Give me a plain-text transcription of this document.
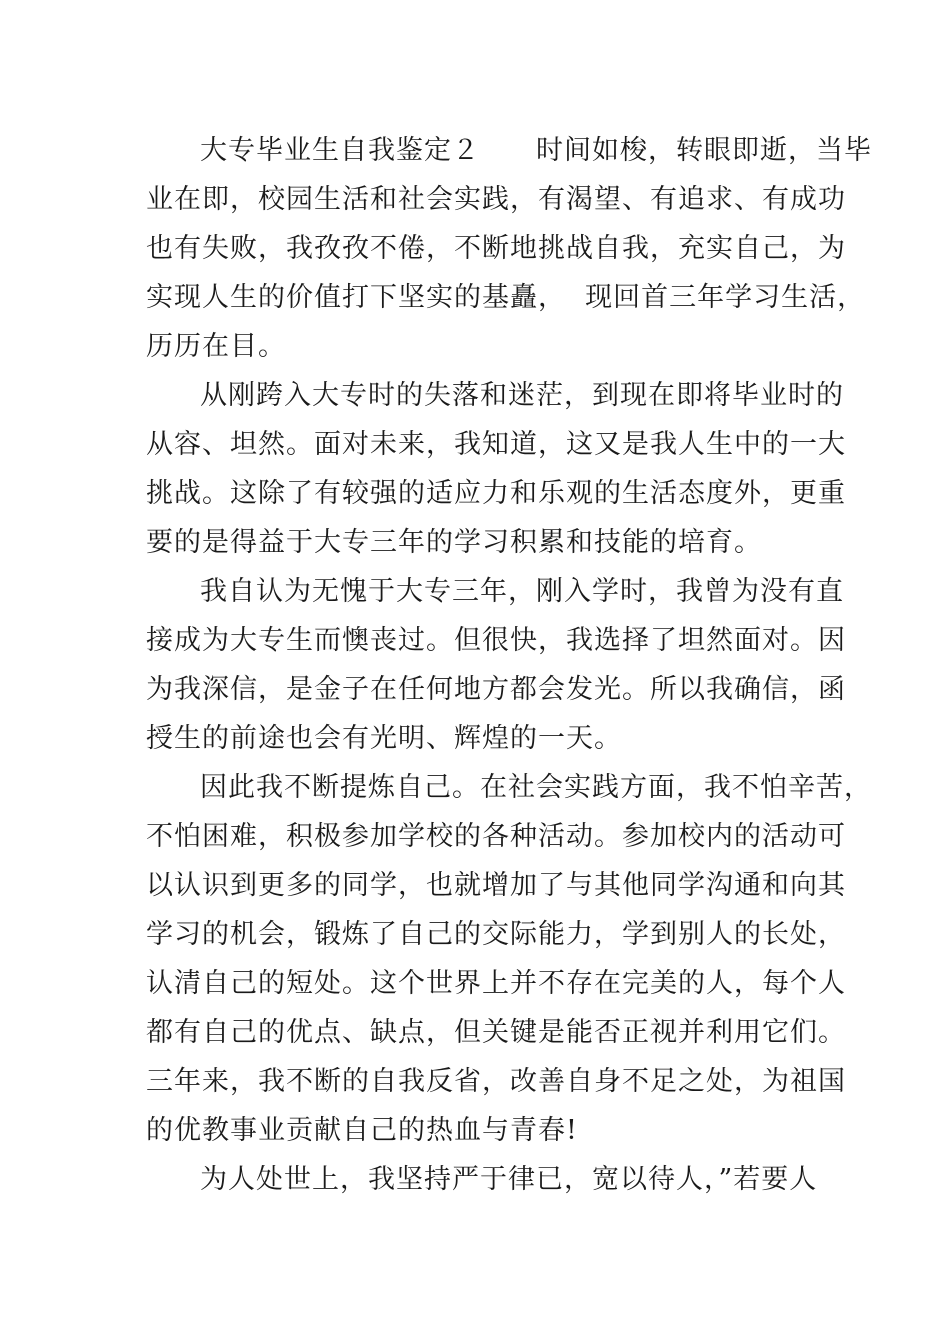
大专毕业生自我鉴定２　　时间如梭，转眼即逝，当毕
业在即，校园生活和社会实践，有渴望、有追求、有成功
也有失败，我孜孜不倦，不断地挑战自我，充实自己，为
实现人生的价值打下坚实的基矗，  现回首三年学习生活，
历历在目。
从刚跨入大专时的失落和迷茫，到现在即将毕业时的
从容、坦然。面对未来，我知道，这又是我人生中的一大
挑战。这除了有较强的适应力和乐观的生活态度外，更重
要的是得益于大专三年的学习积累和技能的培育。
我自认为无愧于大专三年，刚入学时，我曾为没有直
接成为大专生而懊丧过。但很快，我选择了坦然面对。因
为我深信，是金子在任何地方都会发光。所以我确信，函
授生的前途也会有光明、辉煌的一天。
因此我不断提炼自己。在社会实践方面，我不怕辛苦，
不怕困难，积极参加学校的各种活动。参加校内的活动可
以认识到更多的同学，也就增加了与其他同学沟通和向其
学习的机会，锻炼了自己的交际能力，学到别人的长处，
认清自己的短处。这个世界上并不存在完美的人，每个人
都有自己的优点、缺点，但关键是能否正视并利用它们。
三年来，我不断的自我反省，改善自身不足之处，为祖国
的优教事业贡献自己的热血与青春!
为人处世上，我坚持严于律已，宽以待人，”若要人
